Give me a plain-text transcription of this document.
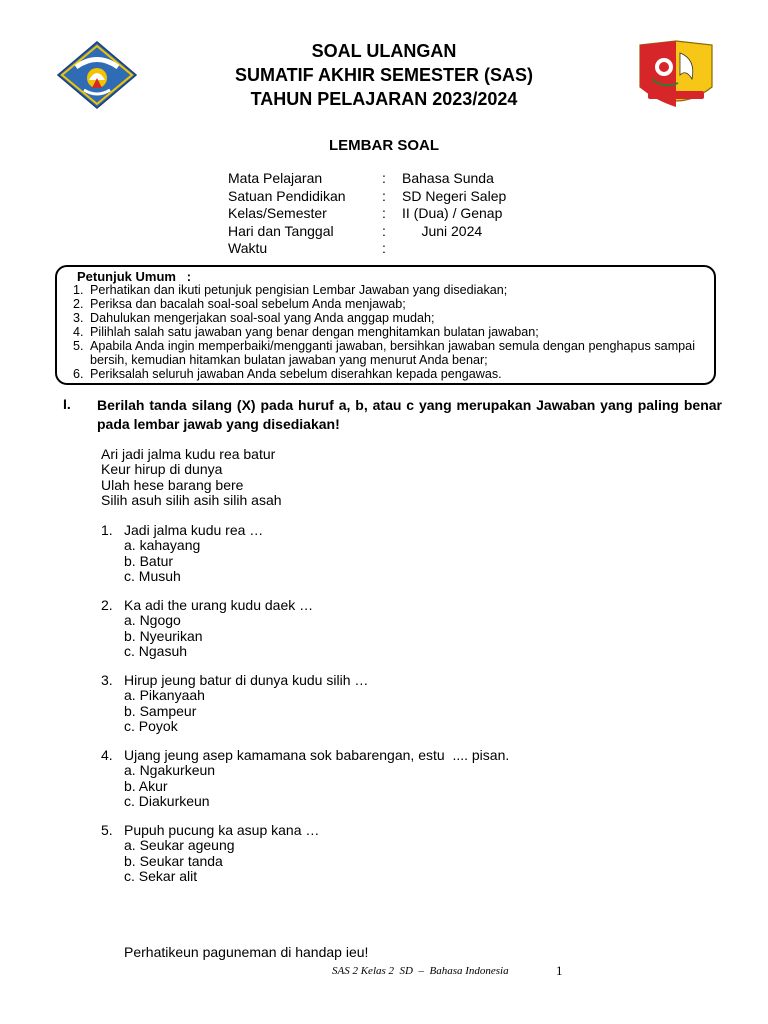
SOAL ULANGAN
SUMATIF AKHIR SEMESTER (SAS)
TAHUN PELAJARAN 2023/2024
LEMBAR SOAL
Mata Pelajaran	: Bahasa Sunda
Satuan Pendidikan	: SD Negeri Salep
Kelas/Semester	: II (Dua) / Genap
Hari dan Tanggal	: Juni 2024
Waktu	:
Petunjuk Umum   :
1. Perhatikan dan ikuti petunjuk pengisian Lembar Jawaban yang disediakan;
2. Periksa dan bacalah soal-soal sebelum Anda menjawab;
3. Dahulukan mengerjakan soal-soal yang Anda anggap mudah;
4. Pilihlah salah satu jawaban yang benar dengan menghitamkan bulatan jawaban;
5. Apabila Anda ingin memperbaiki/mengganti jawaban, bersihkan jawaban semula dengan penghapus sampai bersih, kemudian hitamkan bulatan jawaban yang menurut Anda benar;
6. Periksalah seluruh jawaban Anda sebelum diserahkan kepada pengawas.
I. Berilah tanda silang (X) pada huruf a, b, atau c yang merupakan Jawaban yang paling benar pada lembar jawab yang disediakan!
Ari jadi jalma kudu rea batur
Keur hirup di dunya
Ulah hese barang bere
Silih asuh silih asih silih asah
1. Jadi jalma kudu rea …
a. kahayang
b. Batur
c. Musuh
2. Ka adi the urang kudu daek …
a. Ngogo
b. Nyeurikan
c. Ngasuh
3. Hirup jeung batur di dunya kudu silih …
a. Pikanyaah
b. Sampeur
c. Poyok
4. Ujang jeung asep kamamana sok babarengan, estu  .... pisan.
a. Ngakurkeun
b. Akur
c. Diakurkeun
5. Pupuh pucung ka asup kana …
a. Seukar ageung
b. Seukar tanda
c. Sekar alit
Perhatikeun paguneman di handap ieu!
SAS 2 Kelas 2  SD  –  Bahasa Indonesia	1
